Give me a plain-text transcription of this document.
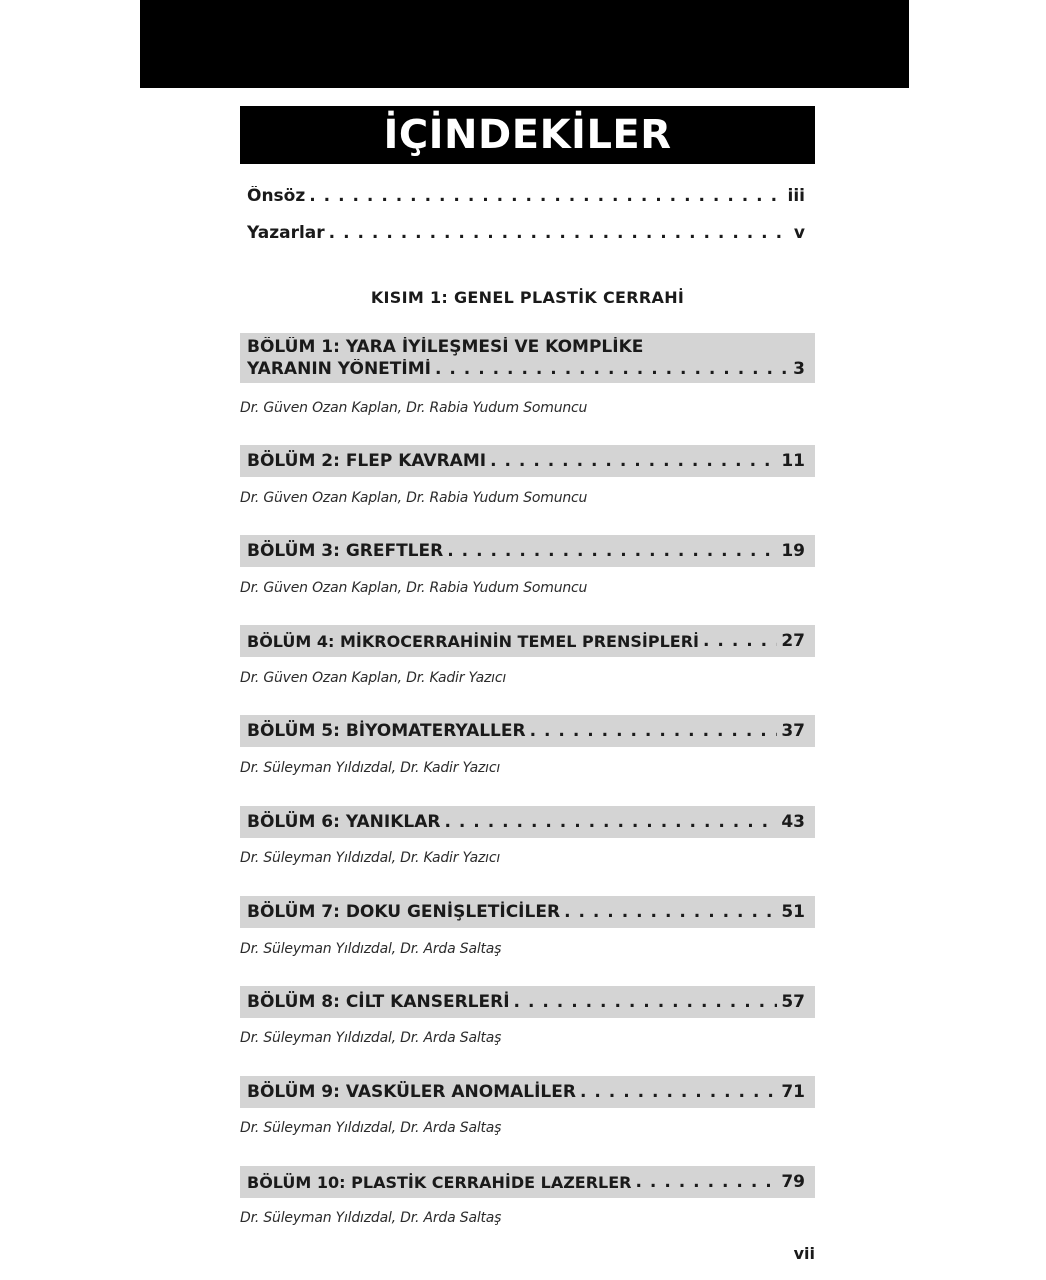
İÇİNDEKİLER
Önsöz . . .	iii
Yazarlar . . .	v
KISIM 1: GENEL PLASTİK CERRAHİ
BÖLÜM 1: YARA İYİLEŞMESİ VE KOMPLİKE
YARANIN YÖNETİMİ . . .	3
Dr. Güven Ozan Kaplan, Dr. Rabia Yudum Somuncu
BÖLÜM 2: FLEP KAVRAMI . . .	11
Dr. Güven Ozan Kaplan, Dr. Rabia Yudum Somuncu
BÖLÜM 3: GREFTLER . . .	19
Dr. Güven Ozan Kaplan, Dr. Rabia Yudum Somuncu
BÖLÜM 4: MİKROCERRAHİNİN TEMEL PRENSİPLERİ . . .	27
Dr. Güven Ozan Kaplan, Dr. Kadir Yazıcı
BÖLÜM 5: BİYOMATERYALLER . . .	37
Dr. Süleyman Yıldızdal, Dr. Kadir Yazıcı
BÖLÜM 6: YANIKLAR . . .	43
Dr. Süleyman Yıldızdal, Dr. Kadir Yazıcı
BÖLÜM 7: DOKU GENİŞLETİCİLER . . .	51
Dr. Süleyman Yıldızdal, Dr. Arda Saltaş
BÖLÜM 8: CİLT KANSERLERİ . . .	57
Dr. Süleyman Yıldızdal, Dr. Arda Saltaş
BÖLÜM 9: VASKÜLER ANOMALİLER . . .	71
Dr. Süleyman Yıldızdal, Dr. Arda Saltaş
BÖLÜM 10: PLASTİK CERRAHİDE LAZERLER . . .	79
Dr. Süleyman Yıldızdal, Dr. Arda Saltaş
vii
